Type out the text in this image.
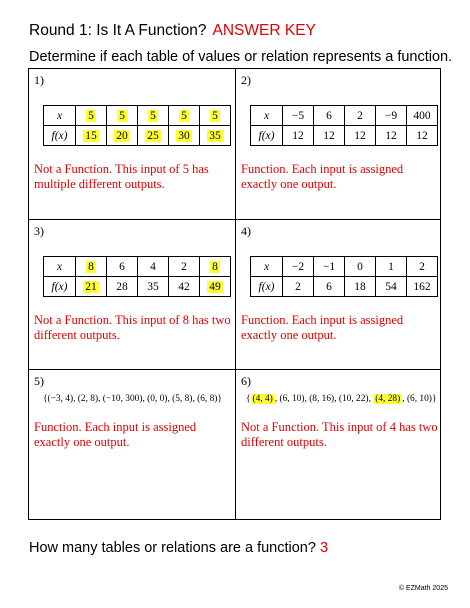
Round 1: Is It A Function? ANSWER KEY
Determine if each table of values or relation represents a function.
1)
x	5	5	5	5	5
f(x)	15	20	25	30	35
Not a Function. This input of 5 has multiple different outputs.
2)
x	−5	6	2	−9	400
f(x)	12	12	12	12	12
Function. Each input is assigned exactly one output.
3)
x	8	6	4	2	8
f(x)	21	28	35	42	49
Not a Function. This input of 8 has two different outputs.
4)
x	−2	−1	0	1	2
f(x)	2	6	18	54	162
Function. Each input is assigned exactly one output.
5)
{(−3, 4), (2, 8), (−10, 300), (0, 0), (5, 8), (6, 8)}
Function. Each input is assigned exactly one output.
6)
{ (4, 4) , (6, 10), (8, 16), (10, 22), (4, 28) , (6, 10)}
Not a Function. This input of 4 has two different outputs.
How many tables or relations are a function? 3
© EZMath 2025
